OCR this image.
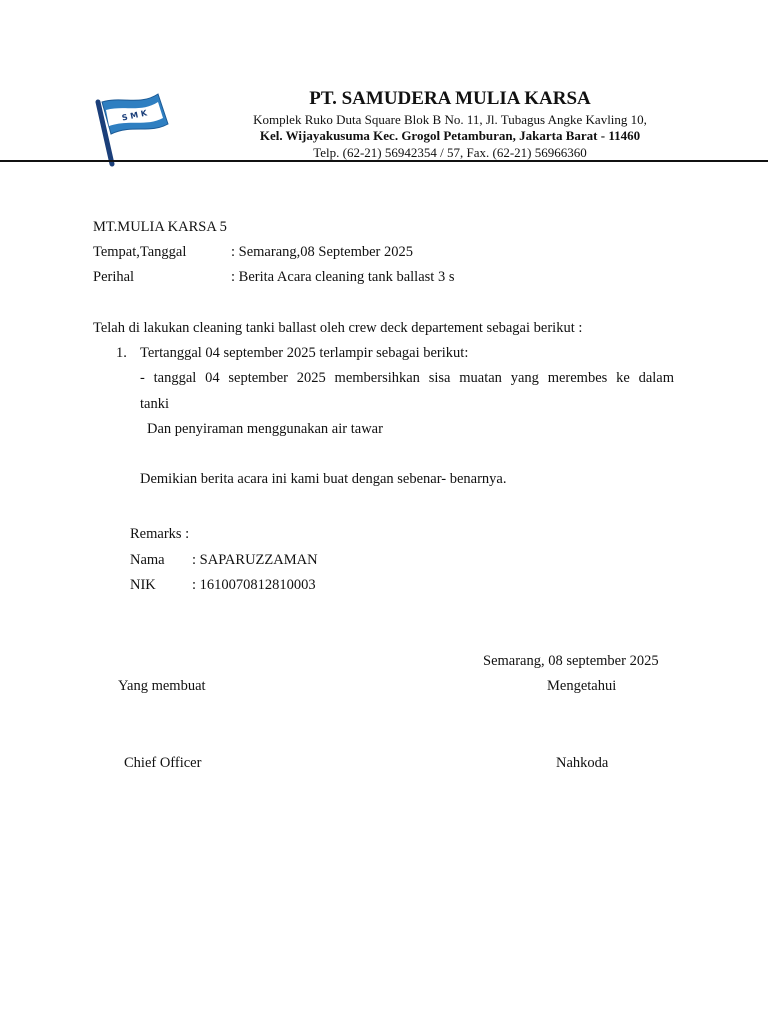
S M K
PT. SAMUDERA MULIA KARSA
Komplek Ruko Duta Square Blok B No. 11, Jl. Tubagus Angke Kavling 10,
Kel. Wijayakusuma Kec. Grogol Petamburan, Jakarta Barat - 11460
Telp. (62-21) 56942354 / 57, Fax. (62-21) 56966360
MT.MULIA KARSA 5
Tempat,Tanggal	: Semarang,08 September 2025
Perihal	: Berita Acara cleaning tank ballast 3 s
Telah di lakukan cleaning tanki ballast oleh crew deck departement sebagai berikut :
1. Tertanggal 04 september 2025 terlampir sebagai berikut:
- tanggal 04 september 2025 membersihkan sisa muatan yang merembes ke dalam
tanki
Dan penyiraman menggunakan air tawar
Demikian berita acara ini kami buat dengan sebenar- benarnya.
Remarks :
Nama : SAPARUZZAMAN
NIK : 1610070812810003
Semarang, 08 september 2025
Yang membuat	Mengetahui
Chief Officer	Nahkoda
